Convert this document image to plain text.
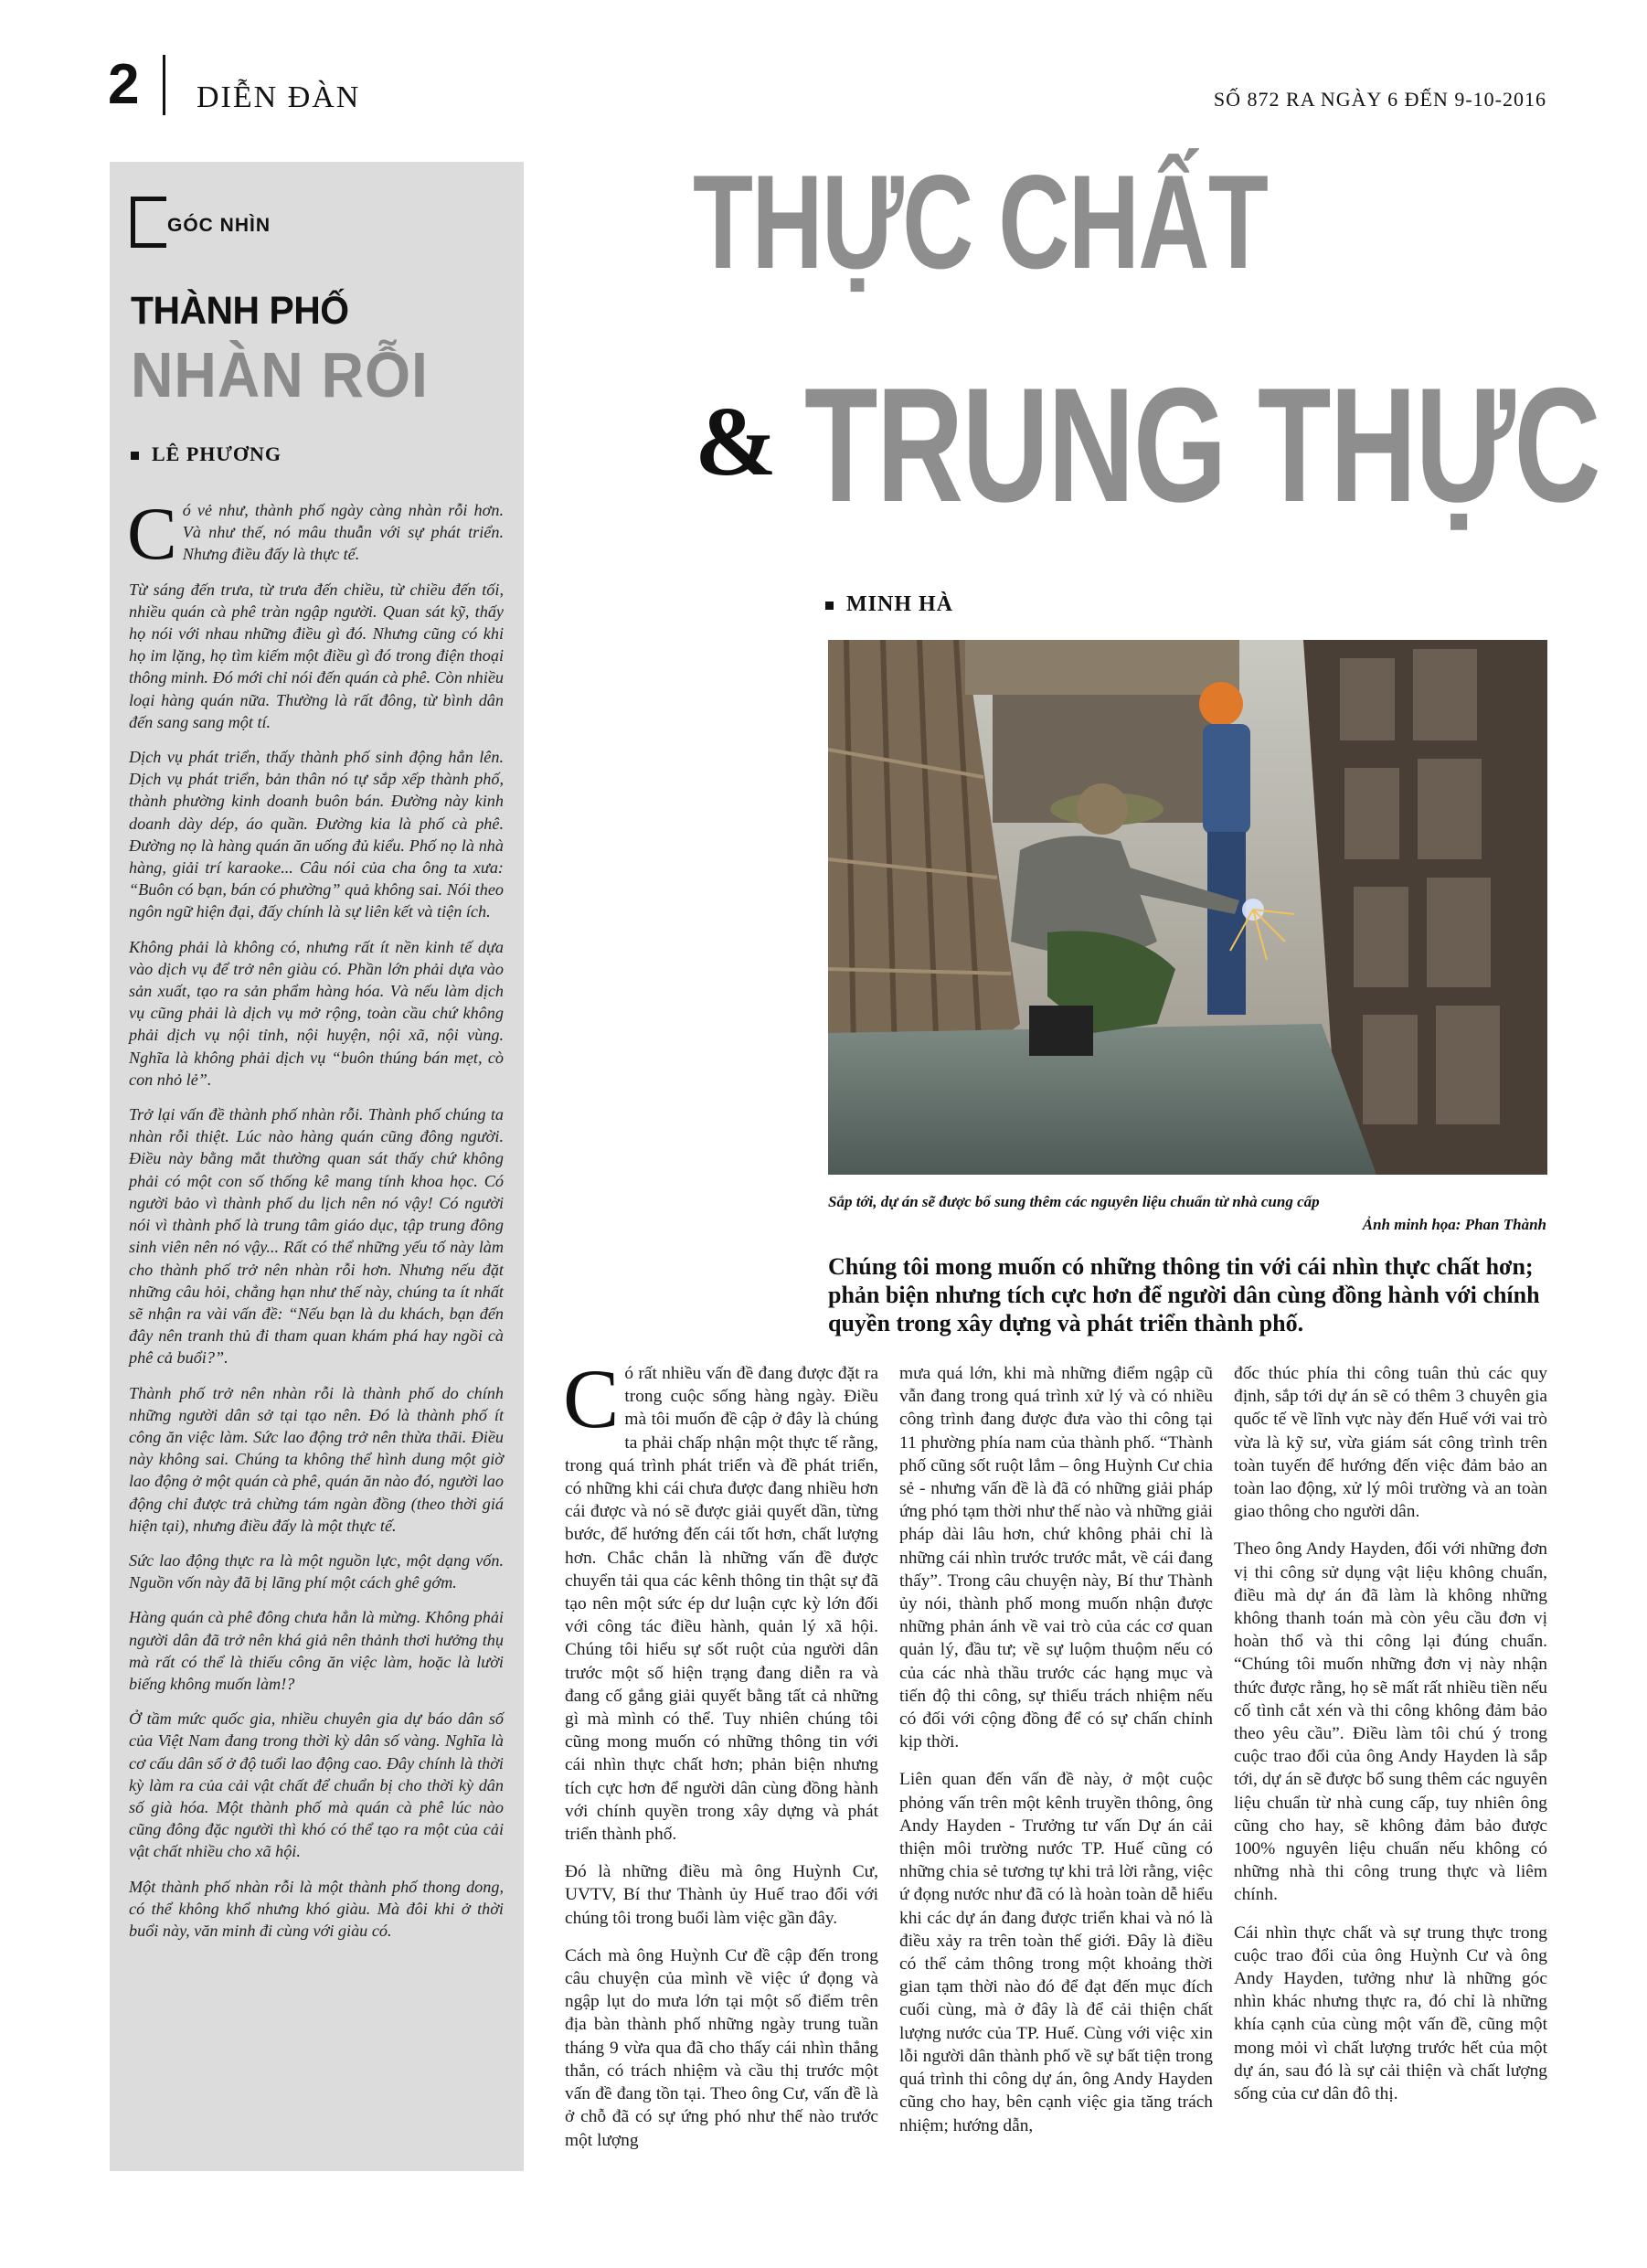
2 DIỄN ĐÀN	SỐ 872 RA NGÀY 6 ĐẾN 9-10-2016
GÓC NHÌN
THÀNH PHỐ
NHÀN RỖI
LÊ PHƯƠNG

Có vẻ như, thành phố ngày càng nhàn rỗi hơn. Và như thế, nó mâu thuẫn với sự phát triển. Nhưng điều đấy là thực tế.

Từ sáng đến trưa, từ trưa đến chiều, từ chiều đến tối, nhiều quán cà phê tràn ngập người. Quan sát kỹ, thấy họ nói với nhau những điều gì đó. Nhưng cũng có khi họ im lặng, họ tìm kiếm một điều gì đó trong điện thoại thông minh. Đó mới chỉ nói đến quán cà phê. Còn nhiều loại hàng quán nữa. Thường là rất đông, từ bình dân đến sang sang một tí.

Dịch vụ phát triển, thấy thành phố sinh động hẳn lên. Dịch vụ phát triển, bản thân nó tự sắp xếp thành phố, thành phường kinh doanh buôn bán. Đường này kinh doanh dày dép, áo quần. Đường kia là phố cà phê. Đường nọ là hàng quán ăn uống đủ kiểu. Phố nọ là nhà hàng, giải trí karaoke... Câu nói của cha ông ta xưa: “Buôn có bạn, bán có phường” quả không sai. Nói theo ngôn ngữ hiện đại, đấy chính là sự liên kết và tiện ích.

Không phải là không có, nhưng rất ít nền kinh tế dựa vào dịch vụ để trở nên giàu có. Phần lớn phải dựa vào sản xuất, tạo ra sản phẩm hàng hóa. Và nếu làm dịch vụ cũng phải là dịch vụ mở rộng, toàn cầu chứ không phải dịch vụ nội tỉnh, nội huyện, nội xã, nội vùng. Nghĩa là không phải dịch vụ “buôn thúng bán mẹt, cò con nhỏ lẻ”.

Trở lại vấn đề thành phố nhàn rỗi. Thành phố chúng ta nhàn rỗi thiệt. Lúc nào hàng quán cũng đông người. Điều này bằng mắt thường quan sát thấy chứ không phải có một con số thống kê mang tính khoa học. Có người bảo vì thành phố du lịch nên nó vậy! Có người nói vì thành phố là trung tâm giáo dục, tập trung đông sinh viên nên nó vậy... Rất có thể những yếu tố này làm cho thành phố trở nên nhàn rỗi hơn. Nhưng nếu đặt những câu hỏi, chẳng hạn như thế này, chúng ta ít nhất sẽ nhận ra vài vấn đề: “Nếu bạn là du khách, bạn đến đây nên tranh thủ đi tham quan khám phá hay ngồi cà phê cả buổi?”.

Thành phố trở nên nhàn rỗi là thành phố do chính những người dân sở tại tạo nên. Đó là thành phố ít công ăn việc làm. Sức lao động trở nên thừa thãi. Điều này không sai. Chúng ta không thể hình dung một giờ lao động ở một quán cà phê, quán ăn nào đó, người lao động chỉ được trả chừng tám ngàn đồng (theo thời giá hiện tại), nhưng điều đấy là một thực tế.

Sức lao động thực ra là một nguồn lực, một dạng vốn. Nguồn vốn này đã bị lãng phí một cách ghê gớm.

Hàng quán cà phê đông chưa hẳn là mừng. Không phải người dân đã trở nên khá giả nên thảnh thơi hưởng thụ mà rất có thể là thiếu công ăn việc làm, hoặc là lười biếng không muốn làm!?

Ở tầm mức quốc gia, nhiều chuyên gia dự báo dân số của Việt Nam đang trong thời kỳ dân số vàng. Nghĩa là cơ cấu dân số ở độ tuổi lao động cao. Đây chính là thời kỳ làm ra của cải vật chất để chuẩn bị cho thời kỳ dân số già hóa. Một thành phố mà quán cà phê lúc nào cũng đông đặc người thì khó có thể tạo ra một của cải vật chất nhiều cho xã hội.

Một thành phố nhàn rỗi là một thành phố thong dong, có thể không khổ nhưng khó giàu. Mà đôi khi ở thời buổi này, văn minh đi cùng với giàu có.

THỰC CHẤT
& TRUNG THỰC
MINH HÀ
Sắp tới, dự án sẽ được bổ sung thêm các nguyên liệu chuẩn từ nhà cung cấp
Ảnh minh họa: Phan Thành
Chúng tôi mong muốn có những thông tin với cái nhìn thực chất hơn; phản biện nhưng tích cực hơn để người dân cùng đồng hành với chính quyền trong xây dựng và phát triển thành phố.

Có rất nhiều vấn đề đang được đặt ra trong cuộc sống hàng ngày. Điều mà tôi muốn đề cập ở đây là chúng ta phải chấp nhận một thực tế rằng, trong quá trình phát triển và đề phát triển, có những khi cái chưa được đang nhiều hơn cái được và nó sẽ được giải quyết dần, từng bước, để hướng đến cái tốt hơn, chất lượng hơn. Chắc chắn là những vấn đề được chuyển tải qua các kênh thông tin thật sự đã tạo nên một sức ép dư luận cực kỳ lớn đối với công tác điều hành, quản lý xã hội. Chúng tôi hiểu sự sốt ruột của người dân trước một số hiện trạng đang diễn ra và đang cố gắng giải quyết bằng tất cả những gì mà mình có thể. Tuy nhiên chúng tôi cũng mong muốn có những thông tin với cái nhìn thực chất hơn; phản biện nhưng tích cực hơn để người dân cùng đồng hành với chính quyền trong xây dựng và phát triển thành phố.

Đó là những điều mà ông Huỳnh Cư, UVTV, Bí thư Thành ủy Huế trao đổi với chúng tôi trong buổi làm việc gần đây.

Cách mà ông Huỳnh Cư đề cập đến trong câu chuyện của mình về việc ứ đọng và ngập lụt do mưa lớn tại một số điểm trên địa bàn thành phố những ngày trung tuần tháng 9 vừa qua đã cho thấy cái nhìn thẳng thắn, có trách nhiệm và cầu thị trước một vấn đề đang tồn tại. Theo ông Cư, vấn đề là ở chỗ đã có sự ứng phó như thế nào trước một lượng

mưa quá lớn, khi mà những điểm ngập cũ vẫn đang trong quá trình xử lý và có nhiều công trình đang được đưa vào thi công tại 11 phường phía nam của thành phố. “Thành phố cũng sốt ruột lắm – ông Huỳnh Cư chia sẻ - nhưng vấn đề là đã có những giải pháp ứng phó tạm thời như thế nào và những giải pháp dài lâu hơn, chứ không phải chỉ là những cái nhìn trước trước mắt, về cái đang thấy”. Trong câu chuyện này, Bí thư Thành ủy nói, thành phố mong muốn nhận được những phản ánh về vai trò của các cơ quan quản lý, đầu tư; về sự luộm thuộm nếu có của các nhà thầu trước các hạng mục và tiến độ thi công, sự thiếu trách nhiệm nếu có đối với cộng đồng để có sự chấn chỉnh kịp thời.

Liên quan đến vấn đề này, ở một cuộc phỏng vấn trên một kênh truyền thông, ông Andy Hayden - Trưởng tư vấn Dự án cải thiện môi trường nước TP. Huế cũng có những chia sẻ tương tự khi trả lời rằng, việc ứ đọng nước như đã có là hoàn toàn dễ hiểu khi các dự án đang được triển khai và nó là điều xảy ra trên toàn thế giới. Đây là điều có thể cảm thông trong một khoảng thời gian tạm thời nào đó để đạt đến mục đích cuối cùng, mà ở đây là để cải thiện chất lượng nước của TP. Huế. Cùng với việc xin lỗi người dân thành phố về sự bất tiện trong quá trình thi công dự án, ông Andy Hayden cũng cho hay, bên cạnh việc gia tăng trách nhiệm; hướng dẫn,

đốc thúc phía thi công tuân thủ các quy định, sắp tới dự án sẽ có thêm 3 chuyên gia quốc tế về lĩnh vực này đến Huế với vai trò vừa là kỹ sư, vừa giám sát công trình trên toàn tuyến để hướng đến việc đảm bảo an toàn lao động, xử lý môi trường và an toàn giao thông cho người dân.

Theo ông Andy Hayden, đối với những đơn vị thi công sử dụng vật liệu không chuẩn, điều mà dự án đã làm là không những không thanh toán mà còn yêu cầu đơn vị hoàn thổ và thi công lại đúng chuẩn. “Chúng tôi muốn những đơn vị này nhận thức được rằng, họ sẽ mất rất nhiều tiền nếu cố tình cắt xén và thi công không đảm bảo theo yêu cầu”. Điều làm tôi chú ý trong cuộc trao đổi của ông Andy Hayden là sắp tới, dự án sẽ được bổ sung thêm các nguyên liệu chuẩn từ nhà cung cấp, tuy nhiên ông cũng cho hay, sẽ không đảm bảo được 100% nguyên liệu chuẩn nếu không có những nhà thi công trung thực và liêm chính.

Cái nhìn thực chất và sự trung thực trong cuộc trao đổi của ông Huỳnh Cư và ông Andy Hayden, tưởng như là những góc nhìn khác nhưng thực ra, đó chỉ là những khía cạnh của cùng một vấn đề, cũng một mong mỏi vì chất lượng trước hết của một dự án, sau đó là sự cải thiện và chất lượng sống của cư dân đô thị.
